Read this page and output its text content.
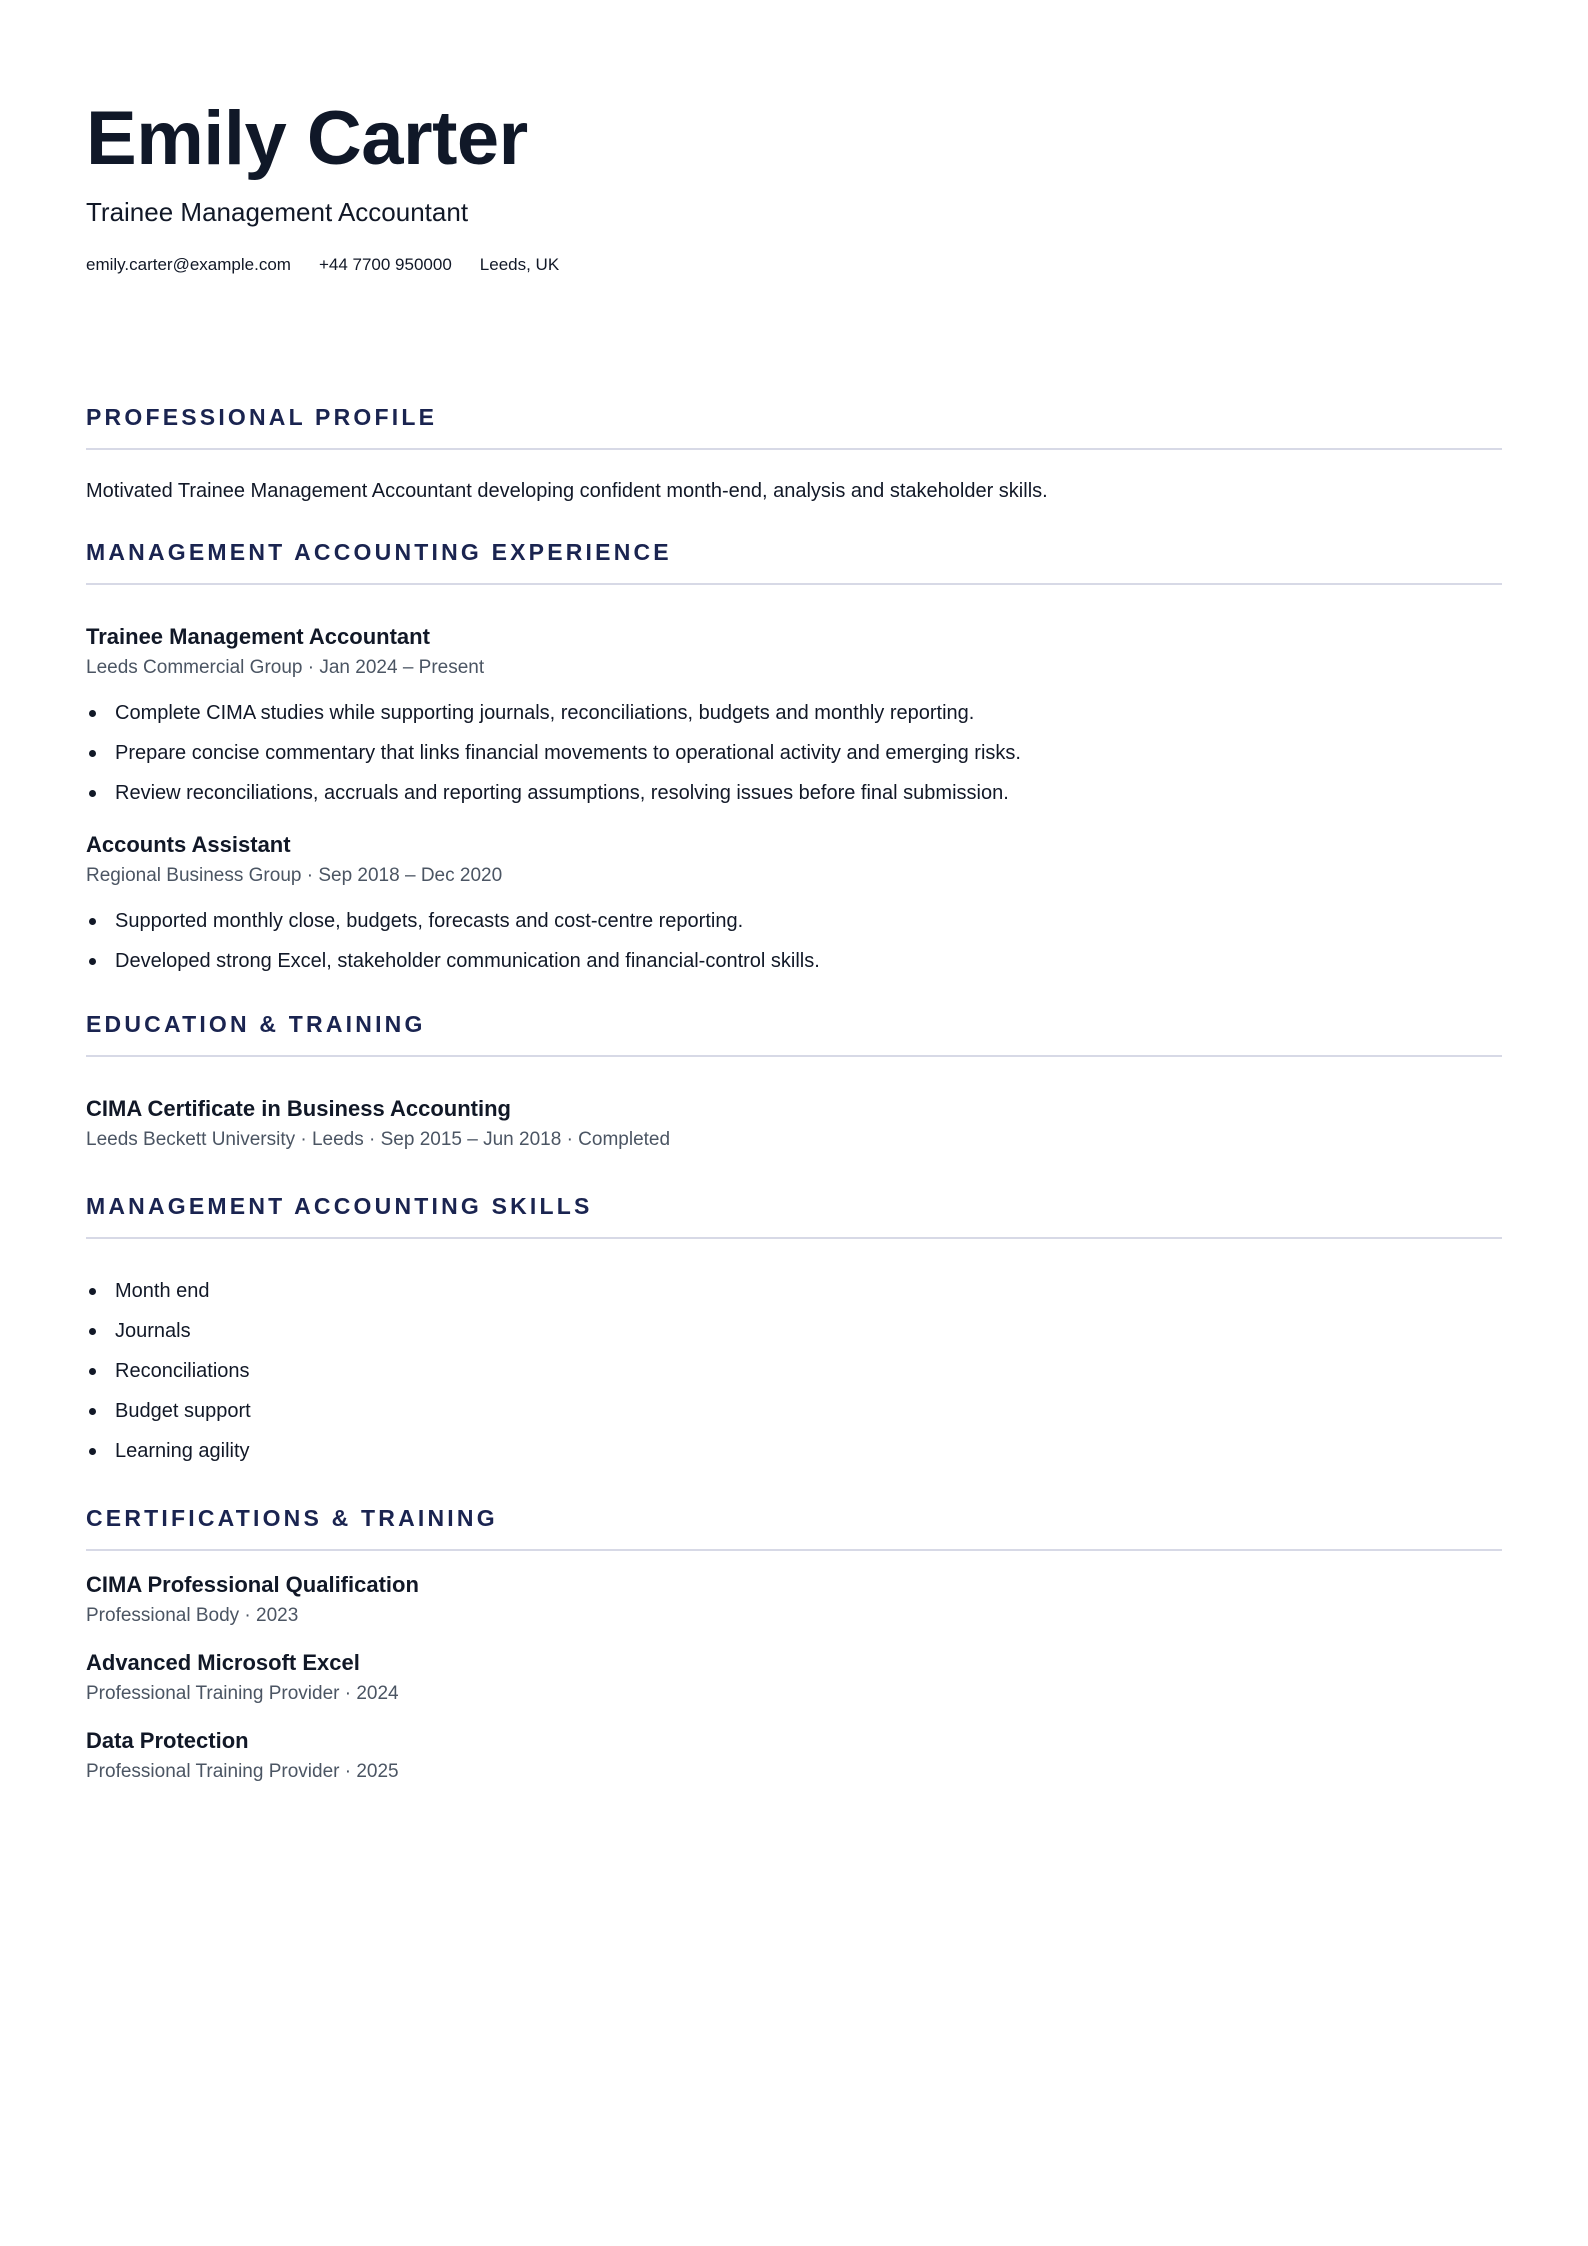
Emily Carter
Trainee Management Accountant
emily.carter@example.com +44 7700 950000 Leeds, UK
PROFESSIONAL PROFILE
Motivated Trainee Management Accountant developing confident month-end, analysis and stakeholder skills.
MANAGEMENT ACCOUNTING EXPERIENCE
Trainee Management Accountant
Leeds Commercial Group · Jan 2024 – Present
Complete CIMA studies while supporting journals, reconciliations, budgets and monthly reporting.
Prepare concise commentary that links financial movements to operational activity and emerging risks.
Review reconciliations, accruals and reporting assumptions, resolving issues before final submission.
Accounts Assistant
Regional Business Group · Sep 2018 – Dec 2020
Supported monthly close, budgets, forecasts and cost-centre reporting.
Developed strong Excel, stakeholder communication and financial-control skills.
EDUCATION & TRAINING
CIMA Certificate in Business Accounting
Leeds Beckett University · Leeds · Sep 2015 – Jun 2018 · Completed
MANAGEMENT ACCOUNTING SKILLS
Month end
Journals
Reconciliations
Budget support
Learning agility
CERTIFICATIONS & TRAINING
CIMA Professional Qualification
Professional Body · 2023
Advanced Microsoft Excel
Professional Training Provider · 2024
Data Protection
Professional Training Provider · 2025
